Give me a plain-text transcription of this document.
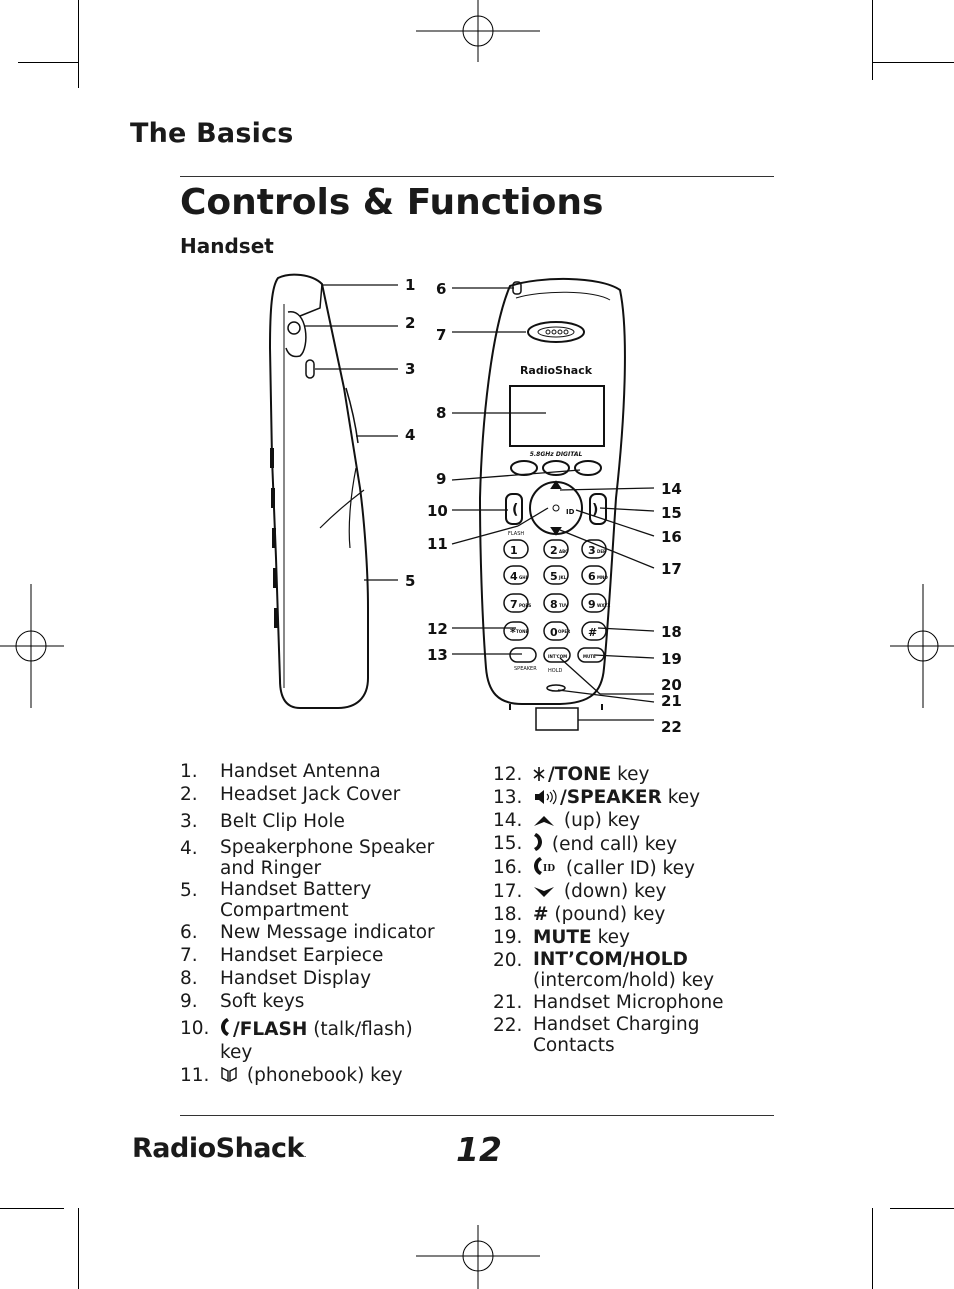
The Basics
Controls & Functions
Handset
RadioShack
5.8GHz DIGITAL
(	)
FLASH
ID
1	2 ABC 3 DEF
4 GHI 5 JKL 6 MNO
7 PQRS 8 TUV 9 WXYZ
* TONE 0 OPER #
INT'COM	MUTE
SPEAKER HOLD
1
2
3
4
5
6
7
8
9
10
11
12
13
14
15
16
17
18
19
20
21
22
1.	Handset Antenna
2.	Headset Jack Cover
3.	Belt Clip Hole
4.	Speakerphone Speaker and Ringer
5.	Handset Battery Compartment
6.	New Message indicator
7.	Handset Earpiece
8.	Handset Display
9.	Soft keys
10.	/FLASH (talk/flash) key
11.	(phonebook) key
12.	/TONE key
13.	/SPEAKER key
14.	(up) key
15.	(end call) key
16.	ID (caller ID) key
17.	(down) key
18. # (pound) key
19. MUTE key
20. INT’COM/HOLD
(intercom/hold) key
21. Handset Microphone
22. Handset Charging Contacts
RadioShack.	12
